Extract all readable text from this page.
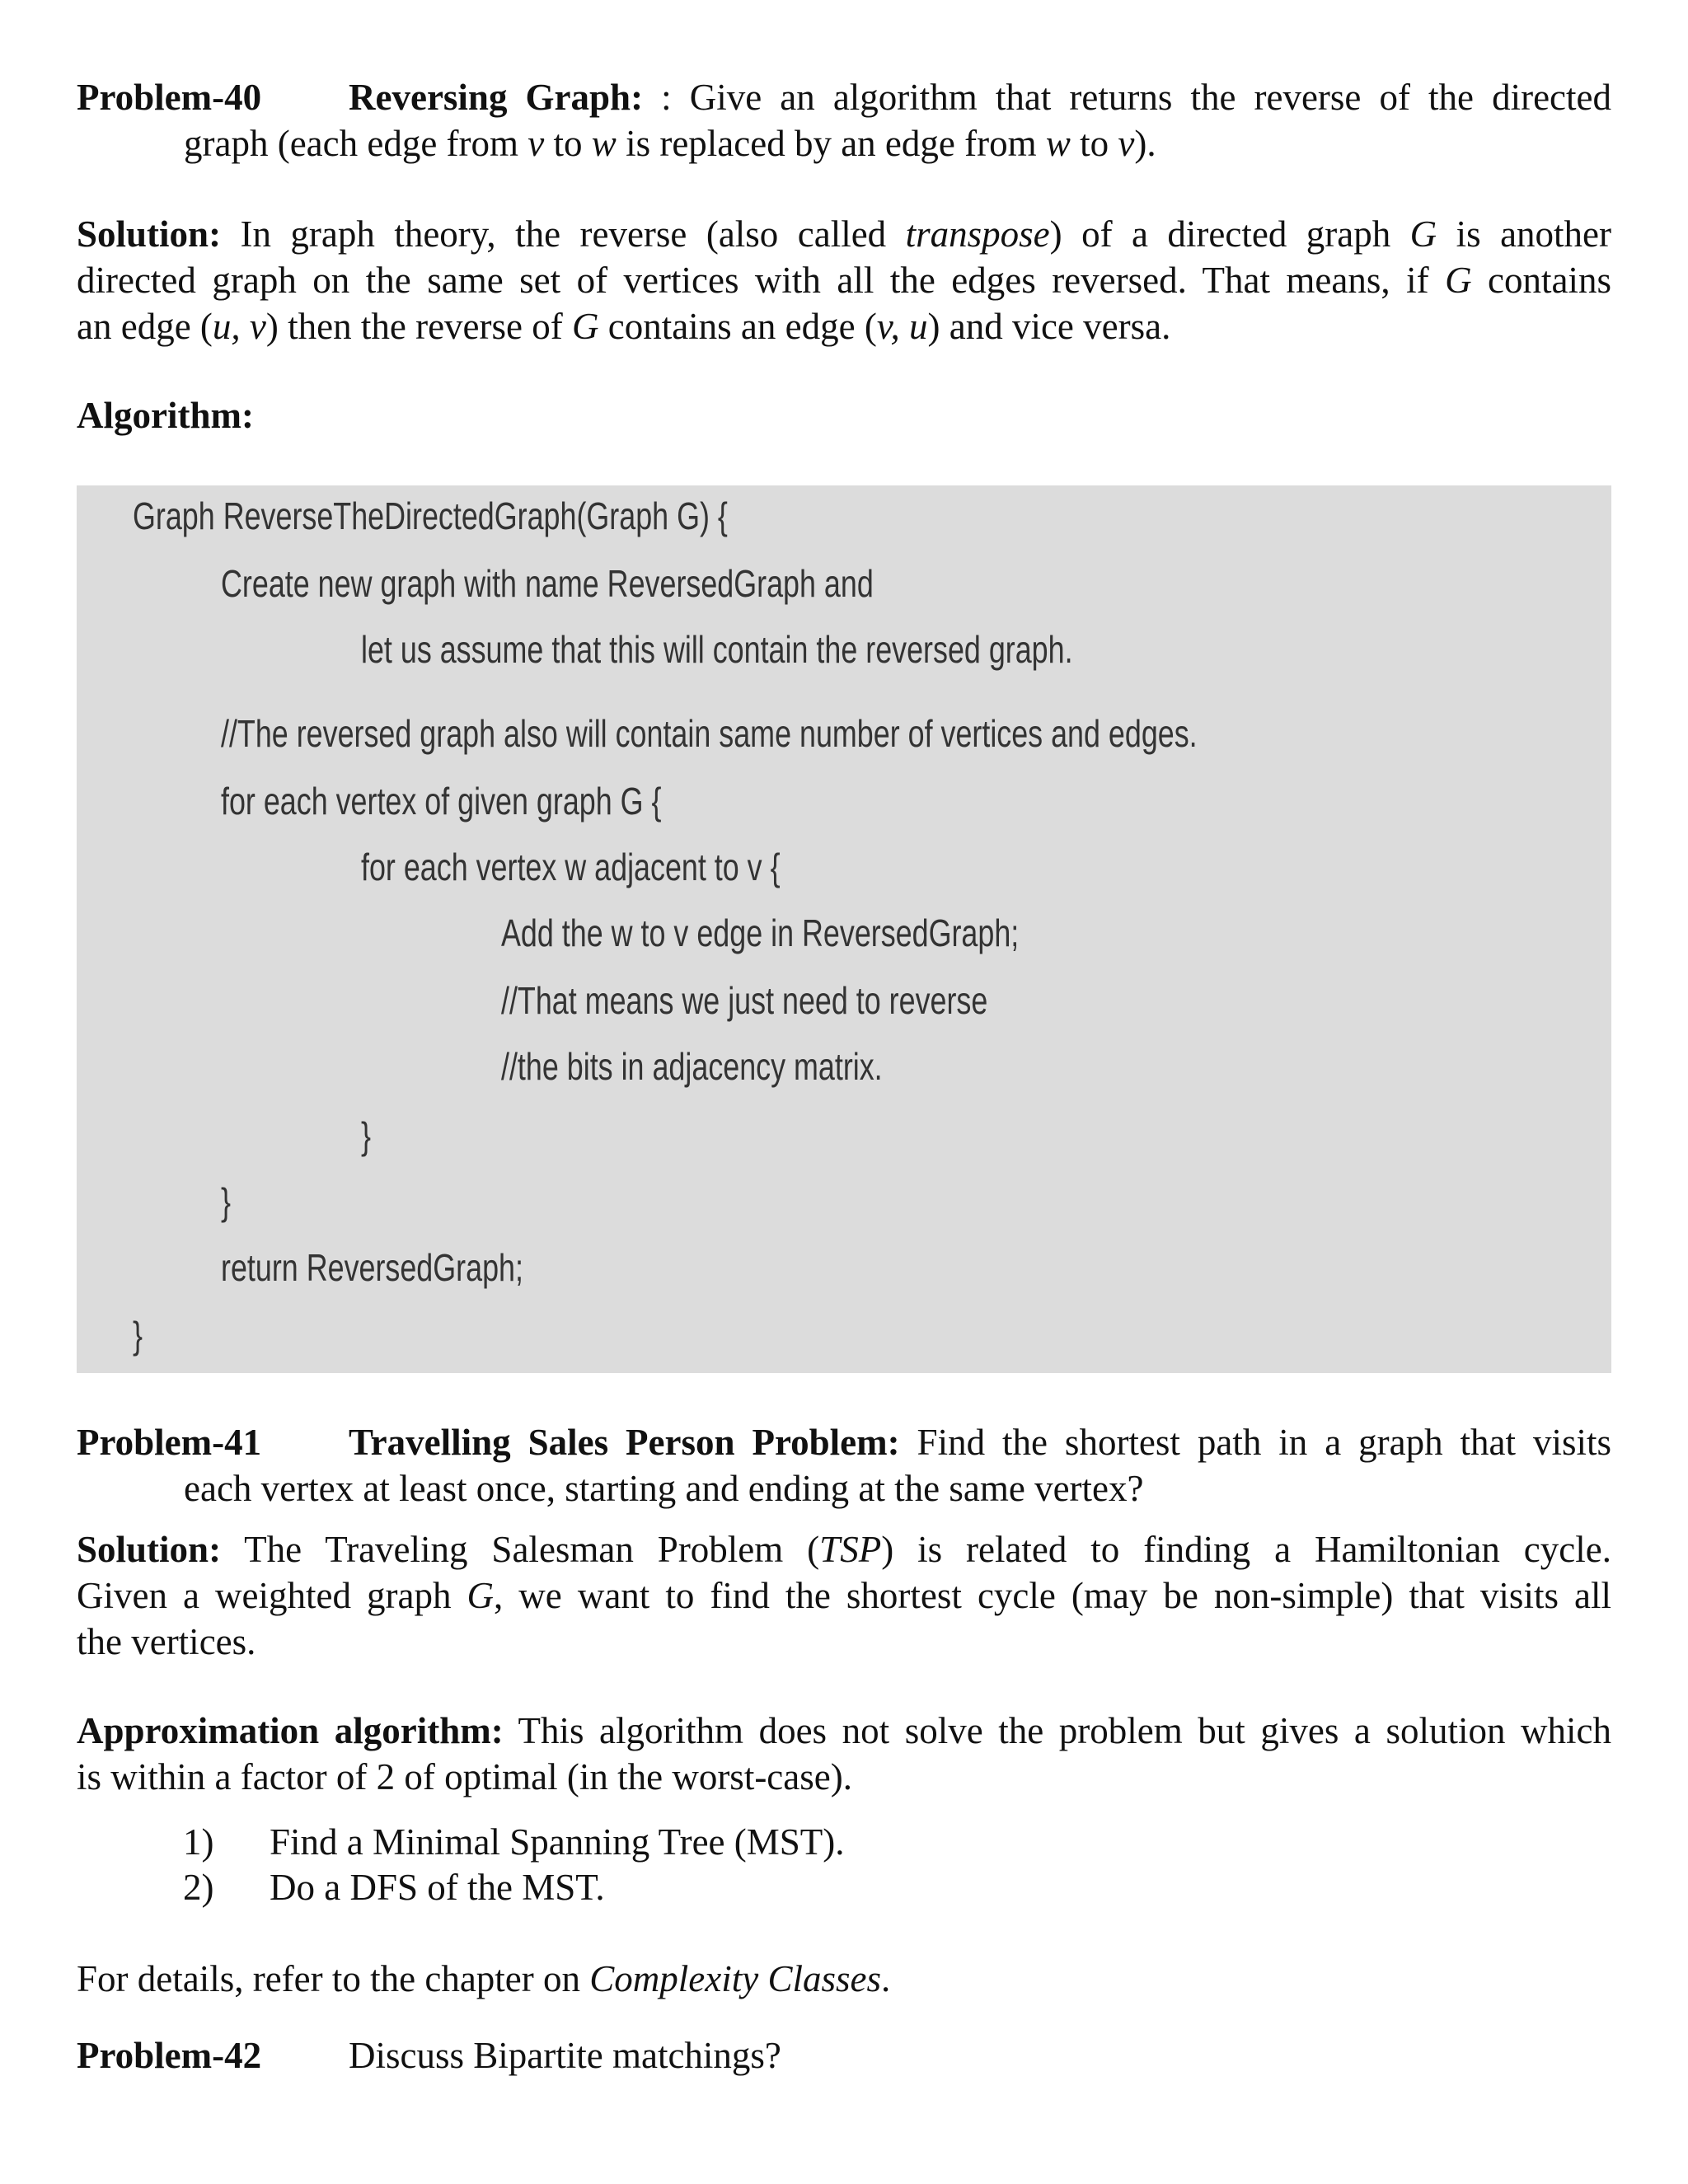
Problem-40 Reversing Graph: : Give an algorithm that returns the reverse of the directed
graph (each edge from v to w is replaced by an edge from w to v).
Solution: In graph theory, the reverse (also called transpose) of a directed graph G is another
directed graph on the same set of vertices with all the edges reversed. That means, if G contains
an edge (u, v) then the reverse of G contains an edge (v, u) and vice versa.
Algorithm:
Graph ReverseTheDirectedGraph(Graph G) {
Create new graph with name ReversedGraph and
let us assume that this will contain the reversed graph.
//The reversed graph also will contain same number of vertices and edges.
for each vertex of given graph G {
for each vertex w adjacent to v {
Add the w to v edge in ReversedGraph;
//That means we just need to reverse
//the bits in adjacency matrix.
}
}
return ReversedGraph;
}
Problem-41 Travelling Sales Person Problem: Find the shortest path in a graph that visits
each vertex at least once, starting and ending at the same vertex?
Solution: The Traveling Salesman Problem (TSP) is related to finding a Hamiltonian cycle.
Given a weighted graph G, we want to find the shortest cycle (may be non-simple) that visits all
the vertices.
Approximation algorithm: This algorithm does not solve the problem but gives a solution which
is within a factor of 2 of optimal (in the worst-case).
1) Find a Minimal Spanning Tree (MST).
2) Do a DFS of the MST.
For details, refer to the chapter on Complexity Classes.
Problem-42 Discuss Bipartite matchings?
